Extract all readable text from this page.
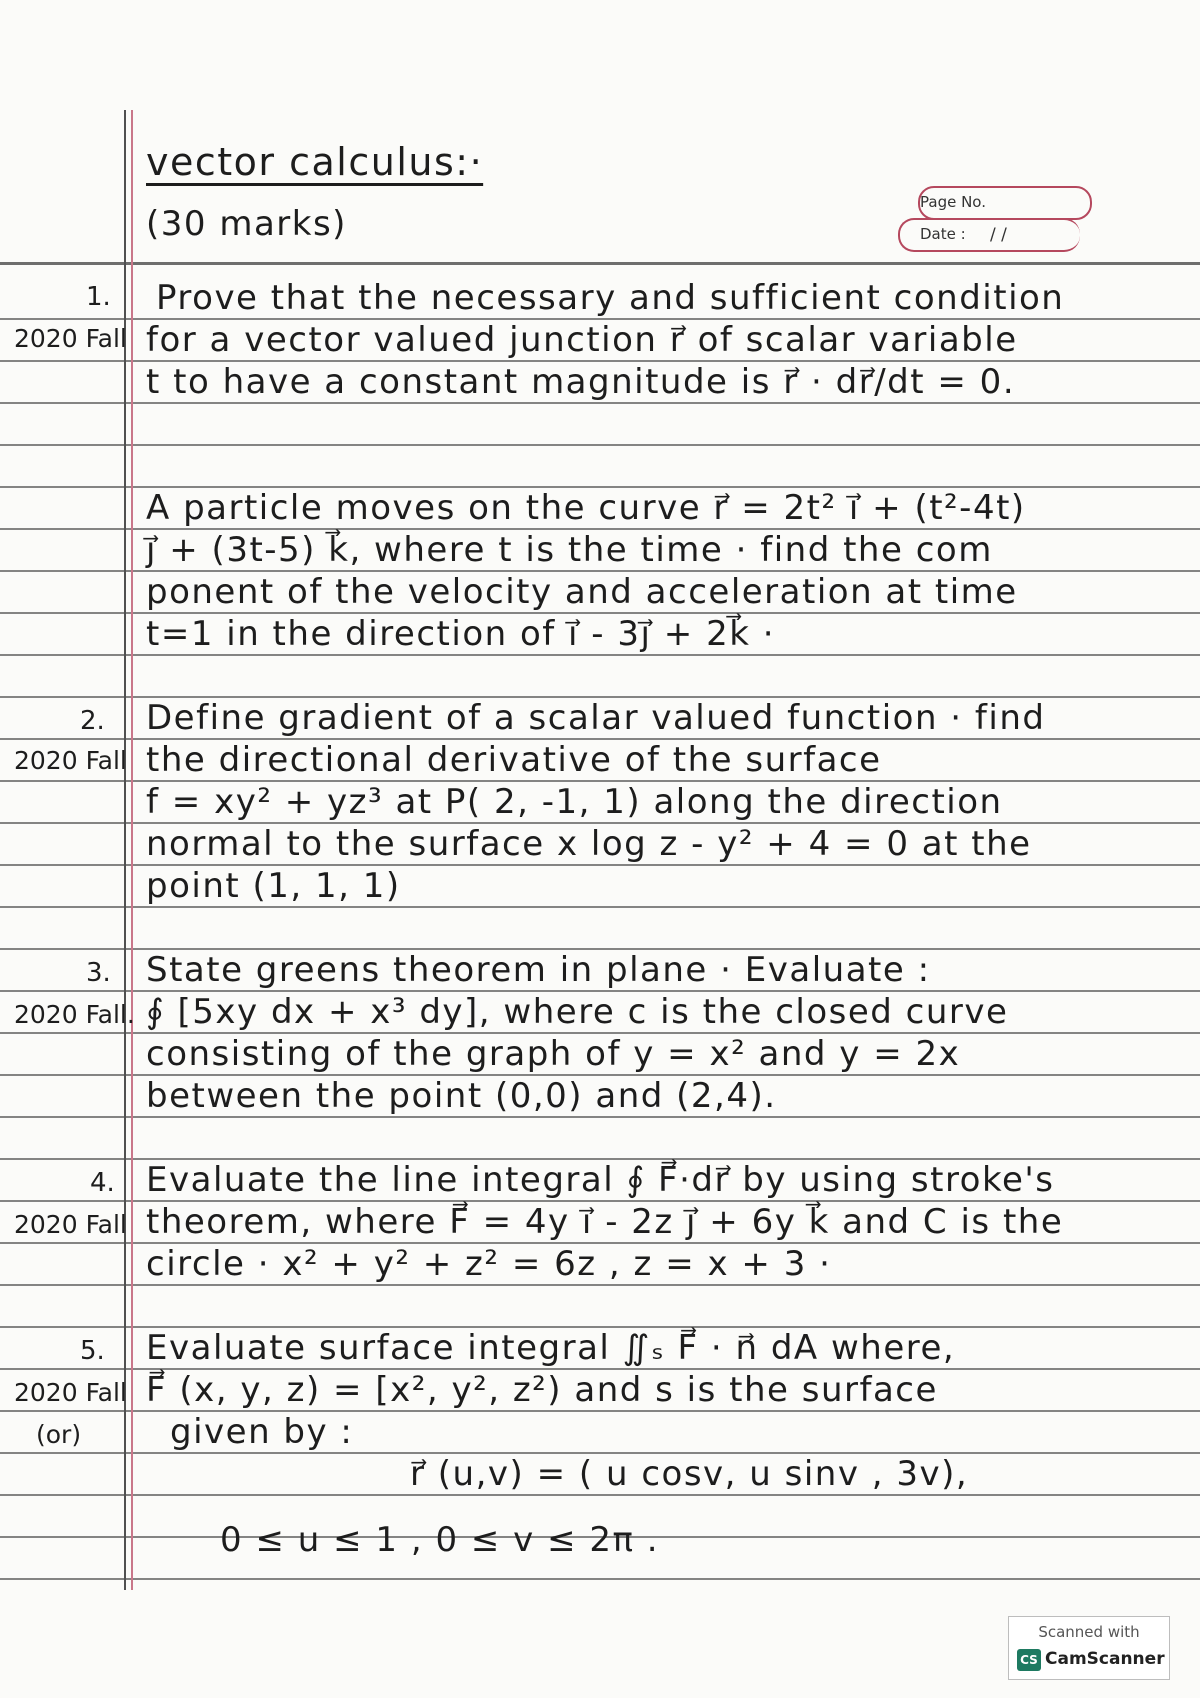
vector calculus:·
(30 marks)
Page No.
Date : / /
1.
2020 Fall
Prove that the necessary and sufficient condition
for a vector valued junction r⃗ of scalar variable
t to have a constant magnitude is r⃗ · dr⃗/dt = 0.
A particle moves on the curve r⃗ = 2t² i⃗ + (t²-4t)
j⃗ + (3t-5) k⃗, where t is the time · find the com
ponent of the velocity and acceleration at time
t=1 in the direction of i⃗ - 3j⃗ + 2k⃗ ·
2.
2020 Fall
Define gradient of a scalar valued function · find
the directional derivative of the surface
f = xy² + yz³ at P( 2, -1, 1) along the direction
normal to the surface x log z - y² + 4 = 0 at the
point (1, 1, 1)
3.
2020 Fall.
State greens theorem in plane · Evaluate :
∮ [5xy dx + x³ dy], where c is the closed curve
consisting of the graph of y = x² and y = 2x
between the point (0,0) and (2,4).
4.
2020 Fall
Evaluate the line integral ∮ F⃗·dr⃗ by using stroke's
theorem, where F⃗ = 4y i⃗ - 2z j⃗ + 6y k⃗ and C is the
circle · x² + y² + z² = 6z , z = x + 3 ·
5.
2020 Fall
(or)
Evaluate surface integral ∬ₛ F⃗ · n⃗ dA where,
F⃗ (x, y, z) = [x², y², z²) and s is the surface
given by :
r⃗ (u,v) = ( u cosv, u sinv , 3v),
0 ≤ u ≤ 1 , 0 ≤ v ≤ 2π .
Scanned with
CS CamScanner
